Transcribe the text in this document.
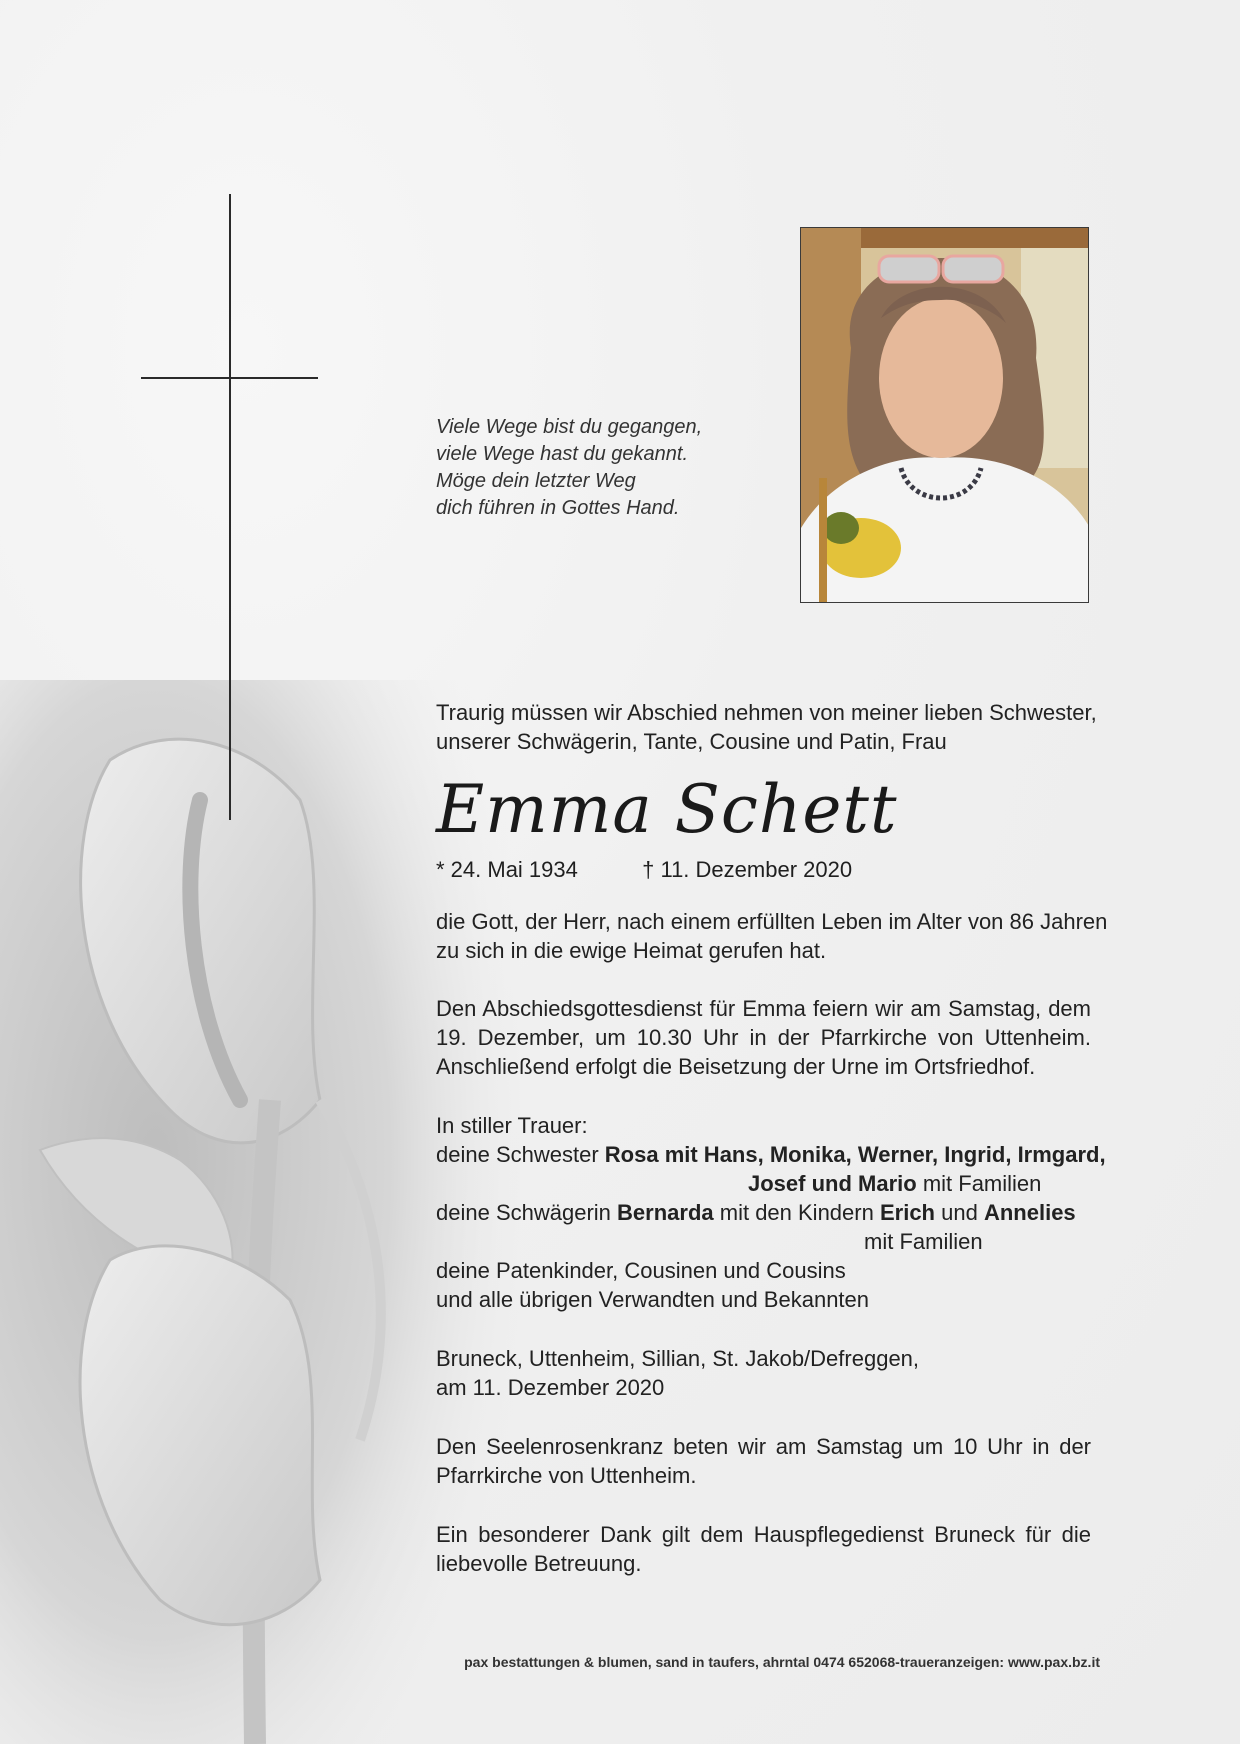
Viele Wege bist du gegangen,
viele Wege hast du gekannt.
Möge dein letzter Weg
dich führen in Gottes Hand.
Traurig müssen wir Abschied nehmen von meiner lieben Schwester,
unserer Schwägerin, Tante, Cousine und Patin, Frau
Emma Schett
* 24. Mai 1934	† 11. Dezember 2020
die Gott, der Herr, nach einem erfüllten Leben im Alter von 86 Jahren
zu sich in die ewige Heimat gerufen hat.
Den Abschiedsgottesdienst für Emma feiern wir am Samstag, dem 19. Dezember, um 10.30 Uhr in der Pfarrkirche von Uttenheim. Anschließend erfolgt die Beisetzung der Urne im Ortsfriedhof.
In stiller Trauer:
deine Schwester Rosa mit Hans, Monika, Werner, Ingrid, Irmgard,
Josef und Mario mit Familien
deine Schwägerin Bernarda mit den Kindern Erich und Annelies
mit Familien
deine Patenkinder, Cousinen und Cousins
und alle übrigen Verwandten und Bekannten
Bruneck, Uttenheim, Sillian, St. Jakob/Defreggen,
am 11. Dezember 2020
Den Seelenrosenkranz beten wir am Samstag um 10 Uhr in der Pfarrkirche von Uttenheim.
Ein besonderer Dank gilt dem Hauspflegedienst Bruneck für die liebevolle Betreuung.
pax bestattungen & blumen, sand in taufers, ahrntal 0474 652068-traueranzeigen: www.pax.bz.it
